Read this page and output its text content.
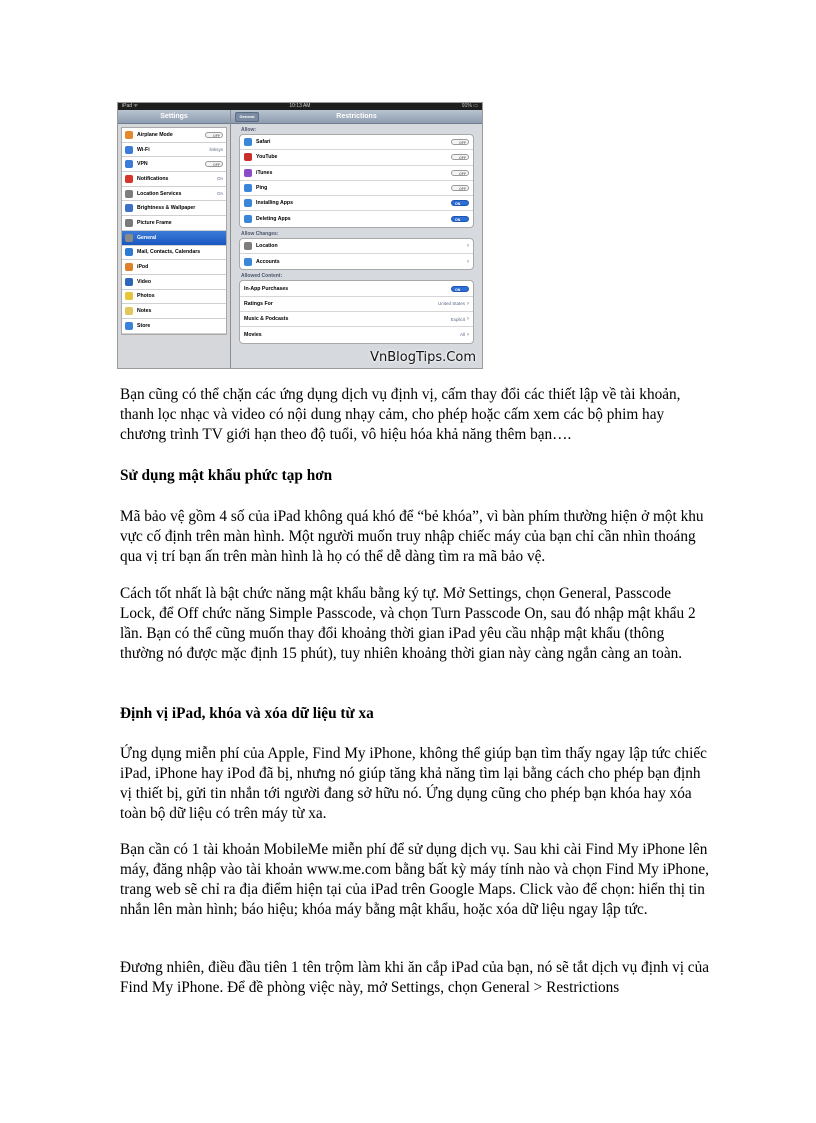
iPad ᯤ	10:13 AM	91% ▭
Settings
Airplane Mode	OFF
Wi-Fi	linksys
VPN	OFF
Notifications	On
Location Services	On
Brightness & Wallpaper
Picture Frame
General
Mail, Contacts, Calendars
iPod
Video
Photos
Notes
Store
General	Restrictions
Allow:
Safari	OFF
YouTube	OFF
iTunes	OFF
Ping	OFF
Installing Apps	ON
Deleting Apps	ON
Allow Changes:
Location	›
Accounts	›
Allowed Content:
In-App Purchases	ON
Ratings For	United States ›
Music & Podcasts	Explicit ›
Movies	All ›
VnBlogTips.Com

Bạn cũng có thể chặn các ứng dụng dịch vụ định vị, cấm thay đổi các thiết lập về tài khoản, thanh lọc nhạc và video có nội dung nhạy cảm, cho phép hoặc cấm xem các bộ phim hay chương trình TV giới hạn theo độ tuổi, vô hiệu hóa khả năng thêm bạn….

Sử dụng mật khẩu phức tạp hơn

Mã bảo vệ gồm 4 số của iPad không quá khó để “bẻ khóa”, vì bàn phím thường hiện ở một khu vực cố định trên màn hình. Một người muốn truy nhập chiếc máy của bạn chỉ cần nhìn thoáng qua vị trí bạn ấn trên màn hình là họ có thể dễ dàng tìm ra mã bảo vệ.

Cách tốt nhất là bật chức năng mật khẩu bằng ký tự. Mở Settings, chọn General, Passcode Lock, để Off chức năng Simple Passcode, và chọn Turn Passcode On, sau đó nhập mật khẩu 2 lần. Bạn có thể cũng muốn thay đổi khoảng thời gian iPad yêu cầu nhập mật khẩu (thông thường nó được mặc định 15 phút), tuy nhiên khoảng thời gian này càng ngắn càng an toàn.

Định vị iPad, khóa và xóa dữ liệu từ xa

Ứng dụng miễn phí của Apple, Find My iPhone, không thể giúp bạn tìm thấy ngay lập tức chiếc iPad, iPhone hay iPod đã bị, nhưng nó giúp tăng khả năng tìm lại bằng cách cho phép bạn định vị thiết bị, gửi tin nhắn tới người đang sở hữu nó. Ứng dụng cũng cho phép bạn khóa hay xóa toàn bộ dữ liệu có trên máy từ xa.

Bạn cần có 1 tài khoản MobileMe miễn phí để sử dụng dịch vụ. Sau khi cài Find My iPhone lên máy, đăng nhập vào tài khoản www.me.com bằng bất kỳ máy tính nào và chọn Find My iPhone, trang web sẽ chỉ ra địa điểm hiện tại của iPad trên Google Maps. Click vào để chọn: hiển thị tin nhắn lên màn hình; báo hiệu; khóa máy bằng mật khẩu, hoặc xóa dữ liệu ngay lập tức.

Đương nhiên, điều đầu tiên 1 tên trộm làm khi ăn cắp iPad của bạn, nó sẽ tắt dịch vụ định vị của Find My iPhone. Để đề phòng việc này, mở Settings, chọn General > Restrictions
